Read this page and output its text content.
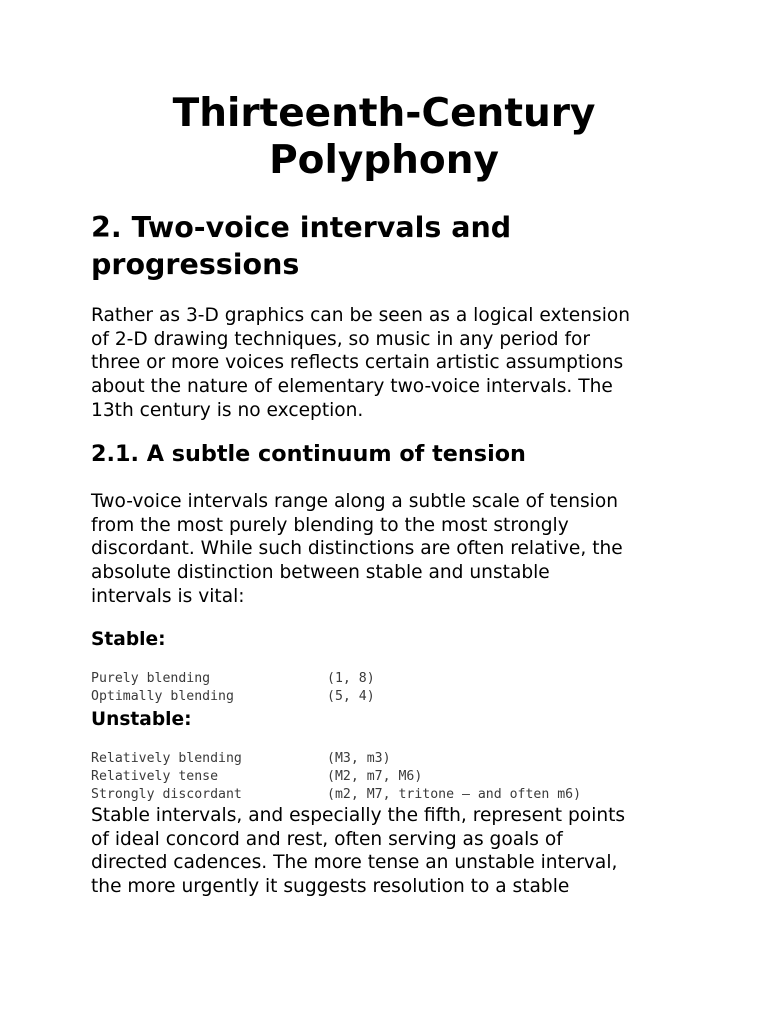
Thirteenth-Century
Polyphony
2. Two-voice intervals and
progressions

Rather as 3-D graphics can be seen as a logical extension
of 2-D drawing techniques, so music in any period for
three or more voices reflects certain artistic assumptions
about the nature of elementary two-voice intervals. The
13th century is no exception.

2.1. A subtle continuum of tension

Two-voice intervals range along a subtle scale of tension
from the most purely blending to the most strongly
discordant. While such distinctions are often relative, the
absolute distinction between stable and unstable
intervals is vital:

Stable:
Purely blending	(1, 8)
Optimally blending	(5, 4)
Unstable:
Relatively blending	(M3, m3)
Relatively tense	(M2, m7, M6)
Strongly discordant	(m2, M7, tritone – and often m6)

Stable intervals, and especially the fifth, represent points
of ideal concord and rest, often serving as goals of
directed cadences. The more tense an unstable interval,
the more urgently it suggests resolution to a stable
